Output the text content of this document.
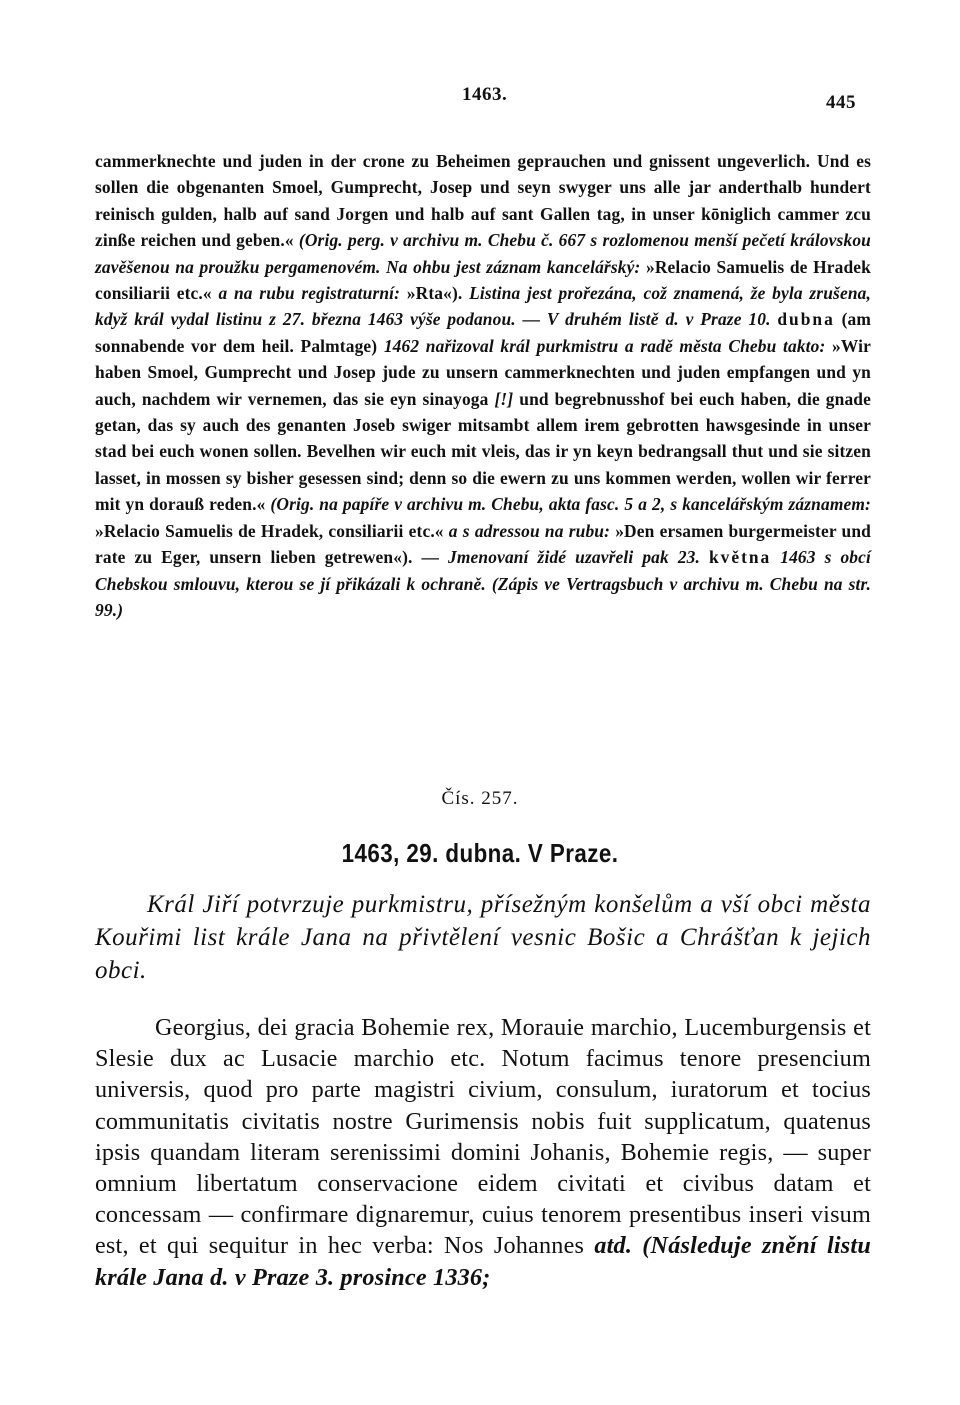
1463.	445

cammerknechte und juden in der crone zu Beheimen geprauchen und gnissent ungeverlich. Und es sollen die obgenanten Smoel, Gumprecht, Josep und seyn swyger uns alle jar anderthalb hundert reinisch gulden, halb auf sand Jorgen und halb auf sant Gallen tag, in unser kōniglich cammer zcu zinße reichen und geben.« (Orig. perg. v archivu m. Chebu č. 667 s rozlomenou menší pečetí královskou zavěšenou na proužku pergamenovém. Na ohbu jest záznam kancelářský: »Relacio Samuelis de Hradek consiliarii etc.« a na rubu registraturní: »Rta«). Listina jest prořezána, což znamená, že byla zrušena, když král vydal listinu z 27. března 1463 výše podanou. — V druhém listě d. v Praze 10. dubna (am sonnabende vor dem heil. Palmtage) 1462 nařizoval král purkmistru a radě města Chebu takto: »Wir haben Smoel, Gumprecht und Josep jude zu unsern cammerknechten und juden empfangen und yn auch, nachdem wir vernemen, das sie eyn sinayoga [!] und begrebnusshof bei euch haben, die gnade getan, das sy auch des genanten Joseb swiger mitsambt allem irem gebrotten hawsgesinde in unser stad bei euch wonen sollen. Bevelhen wir euch mit vleis, das ir yn keyn bedrangsall thut und sie sitzen lasset, in mossen sy bisher gesessen sind; denn so die ewern zu uns kommen werden, wollen wir ferrer mit yn dorauß reden.« (Orig. na papíře v archivu m. Chebu, akta fasc. 5 a 2, s kancelářským záznamem: »Relacio Samuelis de Hradek, consiliarii etc.« a s adressou na rubu: »Den ersamen burgermeister und rate zu Eger, unsern lieben getrewen«). — Jmenovaní židé uzavřeli pak 23. května 1463 s obcí Chebskou smlouvu, kterou se jí přikázali k ochraně. (Zápis ve Vertragsbuch v archivu m. Chebu na str. 99.)

Čís. 257.
1463, 29. dubna. V Praze.

Král Jiří potvrzuje purkmistru, přísežným konšelům a vší obci města Kouřimi list krále Jana na přivtělení vesnic Bošic a Chrášťan k jejich obci.

Georgius, dei gracia Bohemie rex, Morauie marchio, Lucemburgensis et Slesie dux ac Lusacie marchio etc. Notum facimus tenore presencium universis, quod pro parte magistri civium, consulum, iuratorum et tocius communitatis civitatis nostre Gurimensis nobis fuit supplicatum, quatenus ipsis quandam literam serenissimi domini Johanis, Bohemie regis, — super omnium libertatum conservacione eidem civitati et civibus datam et concessam — confirmare dignaremur, cuius tenorem presentibus inseri visum est, et qui sequitur in hec verba: Nos Johannes atd. (Následuje znění listu krále Jana d. v Praze 3. prosince 1336;
